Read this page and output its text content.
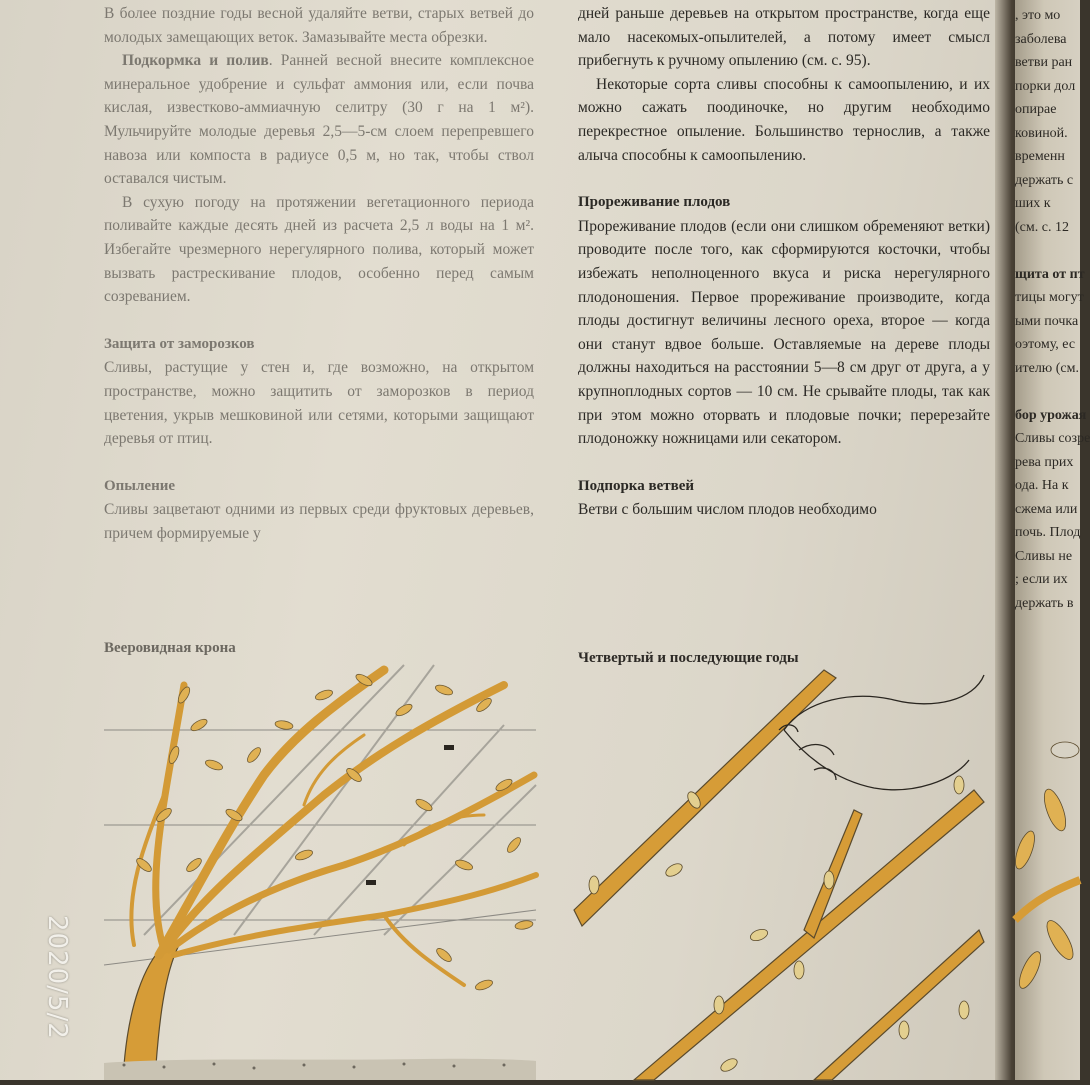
В более поздние годы весной удаляйте ветви, старых ветвей до молодых замещающих веток. Замазывайте места обрезки.

Подкормка и полив. Ранней весной внесите комплексное минеральное удобрение и сульфат аммония или, если почва кислая, известково-аммиачную селитру (30 г на 1 м²). Мульчируйте молодые деревья 2,5—5-см слоем перепревшего навоза или компоста в радиусе 0,5 м, но так, чтобы ствол оставался чистым.

В сухую погоду на протяжении вегетационного периода поливайте каждые десять дней из расчета 2,5 л воды на 1 м². Избегайте чрезмерного нерегулярного полива, который может вызвать растрескивание плодов, особенно перед самым созреванием.

Защита от заморозков

Сливы, растущие у стен и, где возможно, на открытом пространстве, можно защитить от заморозков в период цветения, укрыв мешковиной или сетями, которыми защищают деревья от птиц.

Опыление

Сливы зацветают одними из первых среди фруктовых деревьев, причем формируемые у

дней раньше деревьев на открытом пространстве, когда еще мало насекомых-опылителей, а потому имеет смысл прибегнуть к ручному опылению (см. с. 95).

Некоторые сорта сливы способны к самоопылению, и их можно сажать поодиночке, но другим необходимо перекрестное опыление. Большинство тернослив, а также алыча способны к самоопылению.

Прореживание плодов

Прореживание плодов (если они слишком обременяют ветки) проводите после того, как сформируются косточки, чтобы избежать неполноценного вкуса и риска нерегулярного плодоношения. Первое прореживание производите, когда плоды достигнут величины лесного ореха, второе — когда они станут вдвое больше. Оставляемые на дереве плоды должны находиться на расстоянии 5—8 см друг от друга, а у крупноплодных сортов — 10 см. Не срывайте плоды, так как при этом можно оторвать и плодовые почки; перерезайте плодоножку ножницами или секатором.

Подпорка ветвей

Ветви с большим числом плодов необходимо

Вееровидная крона
Четвертый и последующие годы
2020/5/2
, это мо
заболева
ветви ран
порки дол
опирае
ковиной.
временн
держать с
ших к
(см. с. 12
щита от пт
тицы могут
ыми почка
оэтому, ес
ителю (см.
бор урожая
Сливы созре
рева прих
ода. На к
сжема или
почь. Плод
Сливы не
; если их
держать в
